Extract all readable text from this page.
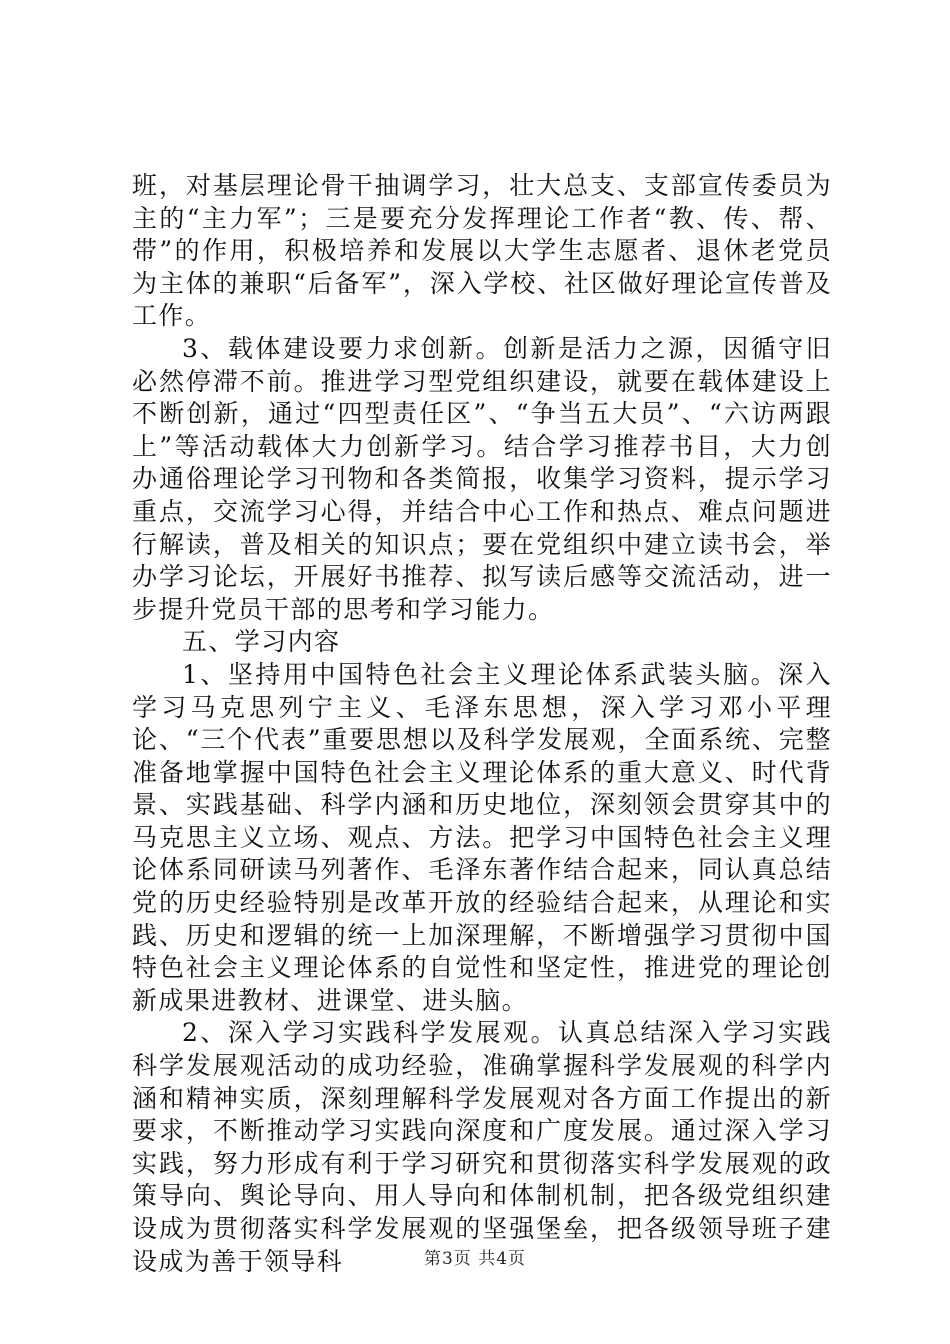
班，对基层理论骨干抽调学习，壮大总支、支部宣传委员为主的“主力军”；三是要充分发挥理论工作者“教、传、帮、带”的作用，积极培养和发展以大学生志愿者、退休老党员为主体的兼职“后备军”，深入学校、社区做好理论宣传普及工作。

3、载体建设要力求创新。创新是活力之源，因循守旧必然停滞不前。推进学习型党组织建设，就要在载体建设上不断创新，通过“四型责任区”、“争当五大员”、“六访两跟上”等活动载体大力创新学习。结合学习推荐书目，大力创办通俗理论学习刊物和各类简报，收集学习资料，提示学习重点，交流学习心得，并结合中心工作和热点、难点问题进行解读，普及相关的知识点；要在党组织中建立读书会，举办学习论坛，开展好书推荐、拟写读后感等交流活动，进一步提升党员干部的思考和学习能力。

五、学习内容

1、坚持用中国特色社会主义理论体系武装头脑。深入学习马克思列宁主义、毛泽东思想，深入学习邓小平理论、“三个代表”重要思想以及科学发展观，全面系统、完整准备地掌握中国特色社会主义理论体系的重大意义、时代背景、实践基础、科学内涵和历史地位，深刻领会贯穿其中的马克思主义立场、观点、方法。把学习中国特色社会主义理论体系同研读马列著作、毛泽东著作结合起来，同认真总结党的历史经验特别是改革开放的经验结合起来，从理论和实践、历史和逻辑的统一上加深理解，不断增强学习贯彻中国特色社会主义理论体系的自觉性和坚定性，推进党的理论创新成果进教材、进课堂、进头脑。

2、深入学习实践科学发展观。认真总结深入学习实践科学发展观活动的成功经验，准确掌握科学发展观的科学内涵和精神实质，深刻理解科学发展观对各方面工作提出的新要求，不断推动学习实践向深度和广度发展。通过深入学习实践，努力形成有利于学习研究和贯彻落实科学发展观的政策导向、舆论导向、用人导向和体制机制，把各级党组织建设成为贯彻落实科学发展观的坚强堡垒，把各级领导班子建设成为善于领导科	第3页 共4页
